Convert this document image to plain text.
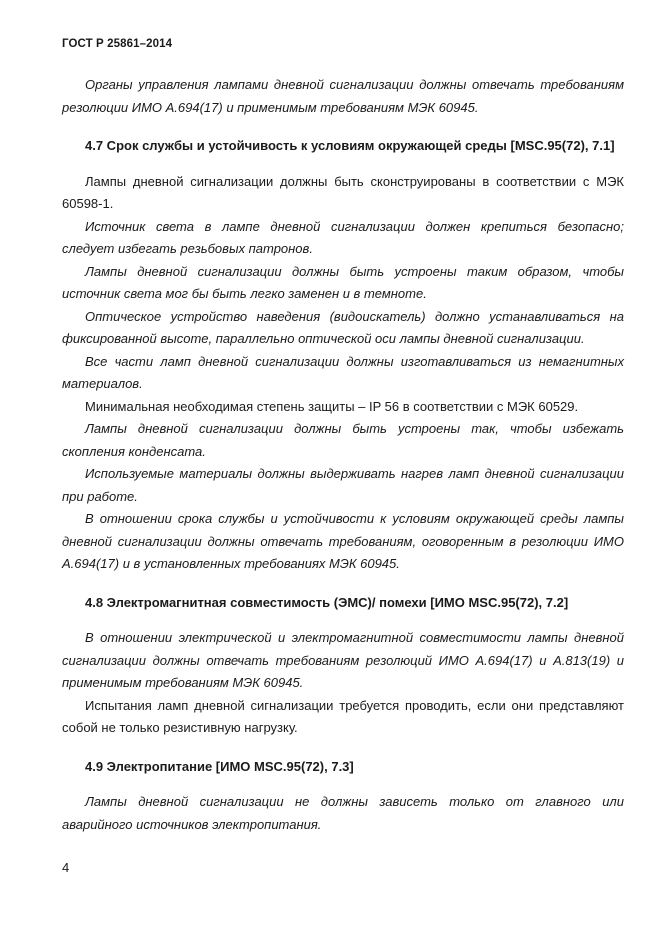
ГОСТ Р 25861–2014

Органы управления лампами дневной сигнализации должны отвечать требованиям резолюции ИМО A.694(17) и применимым требованиям МЭК 60945.

4.7 Срок службы и устойчивость к условиям окружающей среды [MSC.95(72), 7.1]

Лампы дневной сигнализации должны быть сконструированы в соответствии с МЭК 60598-1.

Источник света в лампе дневной сигнализации должен крепиться безопасно; следует избегать резьбовых патронов.

Лампы дневной сигнализации должны быть устроены таким образом, чтобы источник света мог бы быть легко заменен и в темноте.

Оптическое устройство наведения (видоискатель) должно устанавливаться на фиксированной высоте, параллельно оптической оси лампы дневной сигнализации.

Все части ламп дневной сигнализации должны изготавливаться из немагнитных материалов.

Минимальная необходимая степень защиты – IP 56 в соответствии с МЭК 60529.

Лампы дневной сигнализации должны быть устроены так, чтобы избежать скопления конденсата.

Используемые материалы должны выдерживать нагрев ламп дневной сигнализации при работе.

В отношении срока службы и устойчивости к условиям окружающей среды лампы дневной сигнализации должны отвечать требованиям, оговоренным в резолюции ИМО A.694(17) и в установленных требованиях МЭК 60945.

4.8 Электромагнитная совместимость (ЭМС)/ помехи [ИМО MSC.95(72), 7.2]

В отношении электрической и электромагнитной совместимости лампы дневной сигнализации должны отвечать требованиям резолюций ИМО A.694(17) и A.813(19) и применимым требованиям МЭК 60945.

Испытания ламп дневной сигнализации требуется проводить, если они представляют собой не только резистивную нагрузку.

4.9 Электропитание [ИМО MSC.95(72), 7.3]

Лампы дневной сигнализации не должны зависеть только от главного или аварийного источников электропитания.

4
